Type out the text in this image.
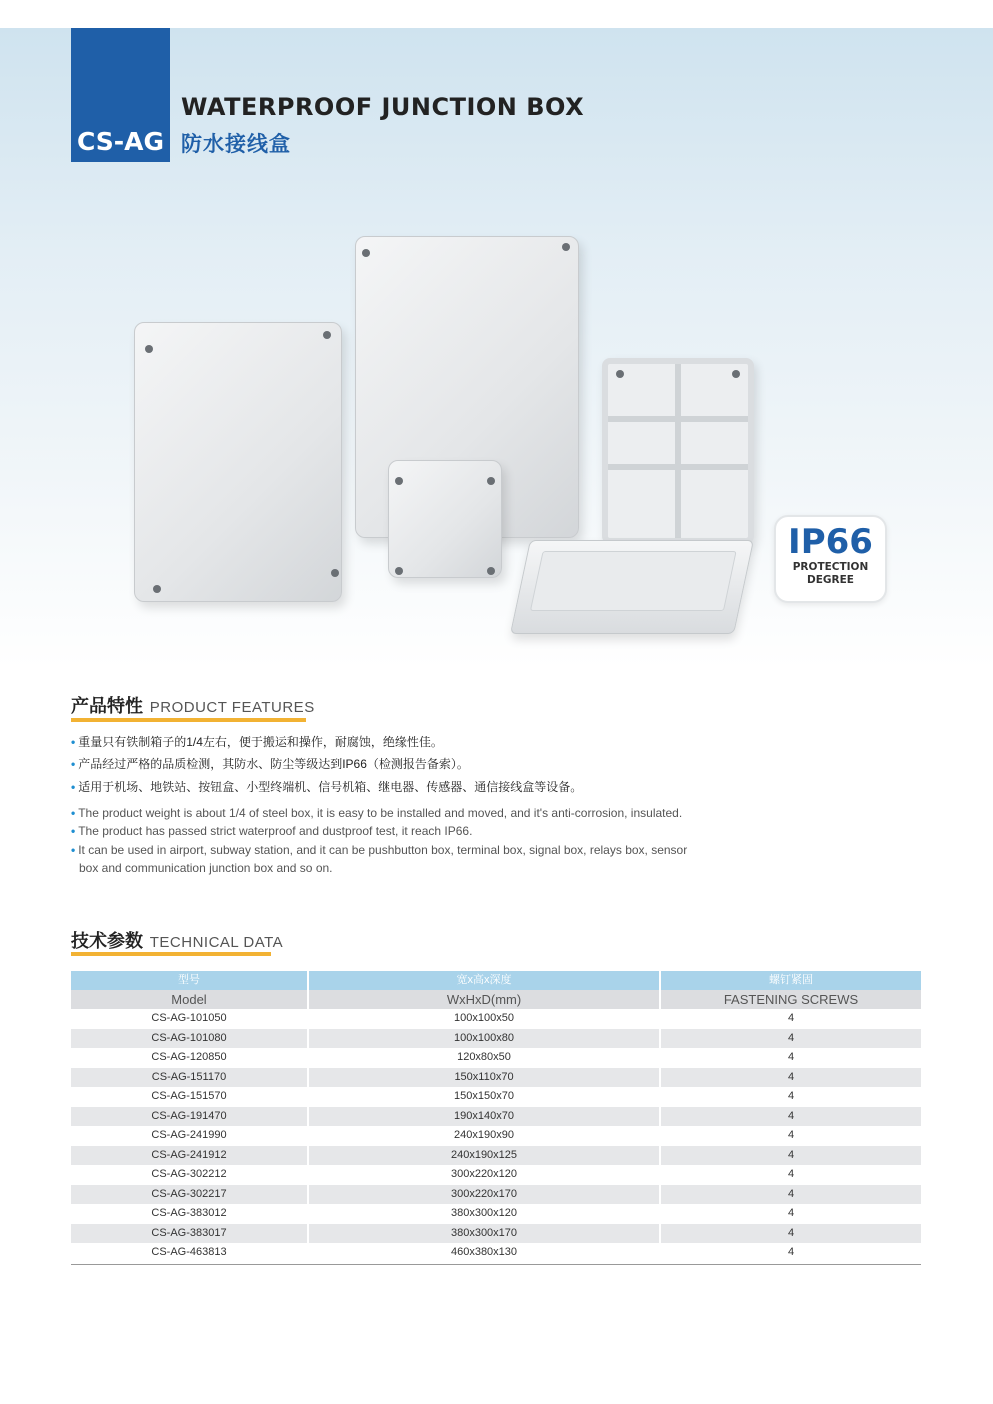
CS-AG
WATERPROOF JUNCTION BOX
防水接线盒
IP66
PROTECTION
DEGREE
产品特性 PRODUCT FEATURES
• 重量只有铁制箱子的1/4左右，便于搬运和操作，耐腐蚀，绝缘性佳。
• 产品经过严格的品质检测，其防水、防尘等级达到IP66（检测报告备索）。
• 适用于机场、地铁站、按钮盒、小型终端机、信号机箱、继电器、传感器、通信接线盒等设备。
• The product weight is about 1/4 of steel box, it is easy to be installed and moved, and it's anti-corrosion, insulated.
• The product has passed strict waterproof and dustproof test, it reach IP66.
• It can be used in airport, subway station, and it can be pushbutton box, terminal box, signal box, relays box, sensor
box and communication junction box and so on.
技术参数 TECHNICAL DATA
型号	宽x高x深度	螺钉紧固
Model	WxHxD(mm)	FASTENING SCREWS
CS-AG-101050	100x100x50	4
CS-AG-101080	100x100x80	4
CS-AG-120850	120x80x50	4
CS-AG-151170	150x110x70	4
CS-AG-151570	150x150x70	4
CS-AG-191470	190x140x70	4
CS-AG-241990	240x190x90	4
CS-AG-241912	240x190x125	4
CS-AG-302212	300x220x120	4
CS-AG-302217	300x220x170	4
CS-AG-383012	380x300x120	4
CS-AG-383017	380x300x170	4
CS-AG-463813	460x380x130	4
